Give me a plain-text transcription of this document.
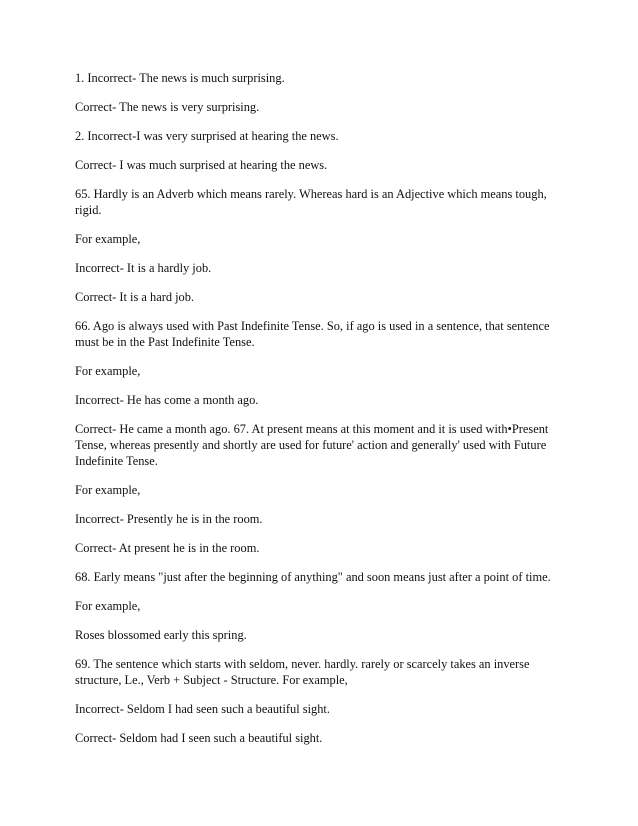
1. Incorrect- The news is much surprising.

Correct- The news is very surprising.

2. Incorrect-I was very surprised at hearing the news.

Correct- I was much surprised at hearing the news.

65. Hardly is an Adverb which means rarely. Whereas hard is an Adjective which means tough, rigid.

For example,

Incorrect- It is a hardly job.

Correct- It is a hard job.

66. Ago is always used with Past Indefinite Tense. So, if ago is used in a sentence, that sentence must be in the Past Indefinite Tense.

For example,

Incorrect- He has come a month ago.

Correct- He came a month ago. 67. At present means at this moment and it is used with•Present Tense, whereas presently and shortly are used for future' action and generally' used with Future Indefinite Tense.

For example,

Incorrect- Presently he is in the room.

Correct- At present he is in the room.

68. Early means "just after the beginning of anything" and soon means just after a point of time.

For example,

Roses blossomed early this spring.

69. The sentence which starts with seldom, never. hardly. rarely or scarcely takes an inverse structure, Le., Verb + Subject - Structure. For example,

Incorrect- Seldom I had seen such a beautiful sight.

Correct- Seldom had I seen such a beautiful sight.
